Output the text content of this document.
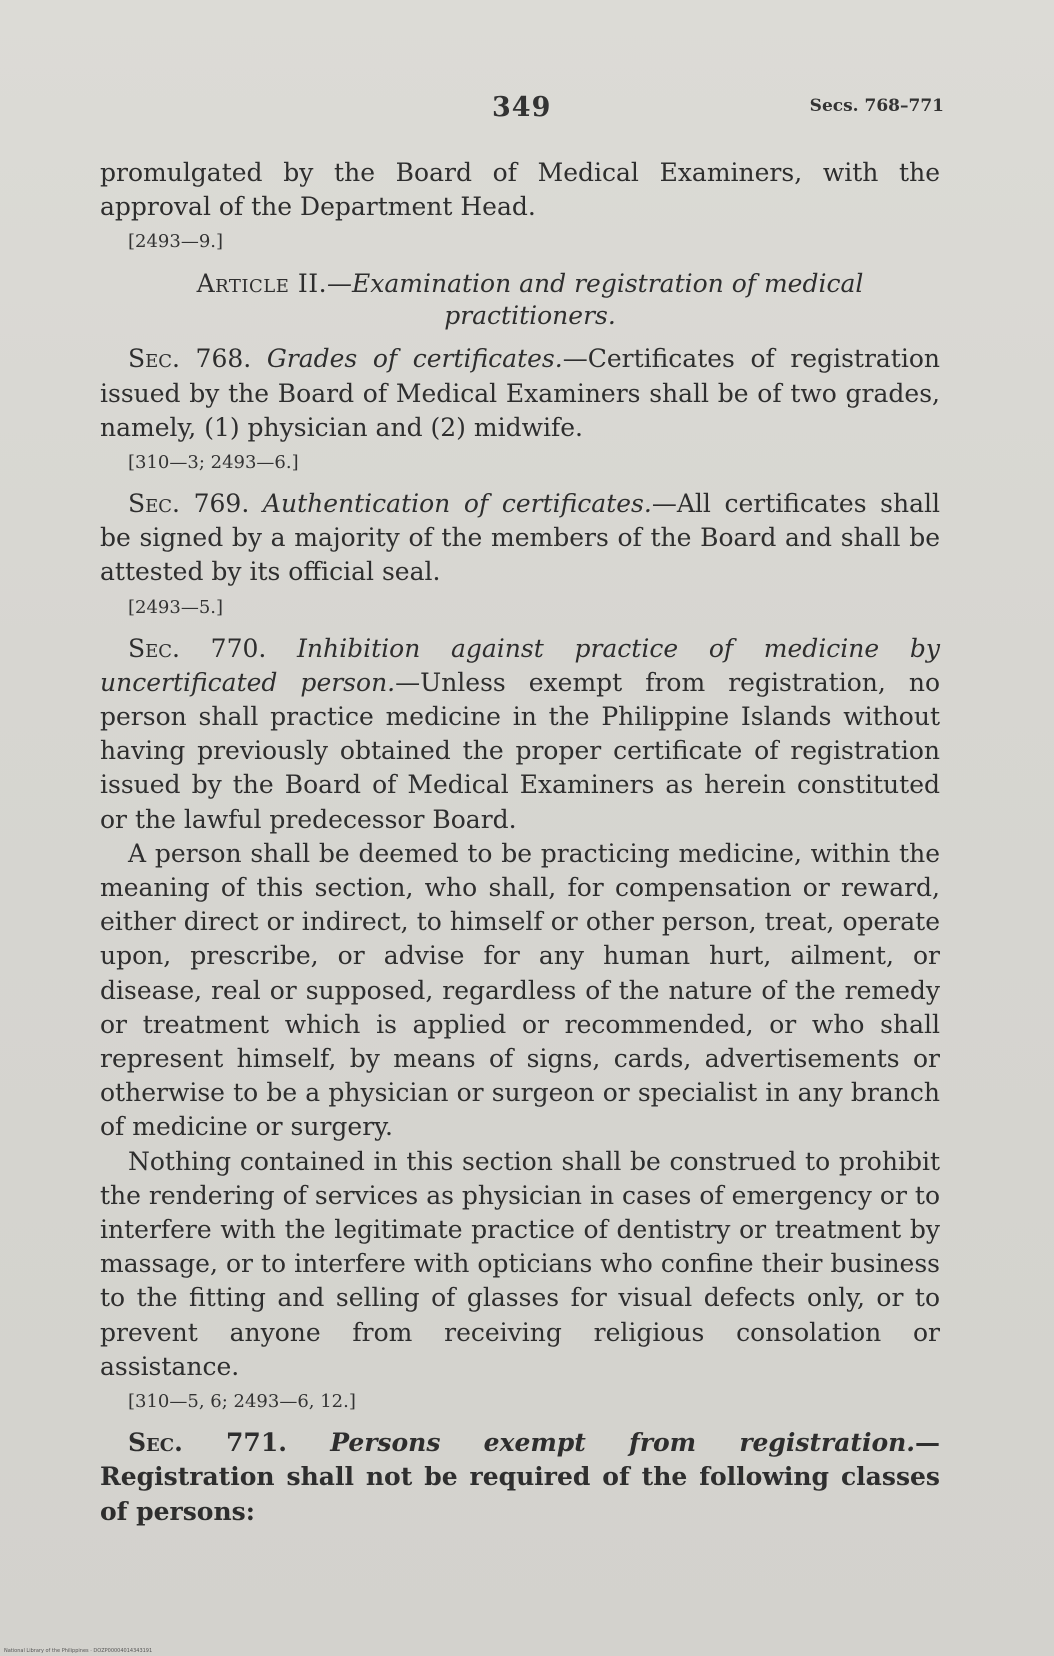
349	Secs. 768–771

promulgated by the Board of Medical Examiners, with the approval of the Department Head.

[2493—9.]

Article II.—Examination and registration of medical practitioners.

Sec. 768. Grades of certificates.—Certificates of registration issued by the Board of Medical Examiners shall be of two grades, namely, (1) physician and (2) midwife.

[310—3; 2493—6.]

Sec. 769. Authentication of certificates.—All certificates shall be signed by a majority of the members of the Board and shall be attested by its official seal.

[2493—5.]

Sec. 770. Inhibition against practice of medicine by uncertificated person.—Unless exempt from registration, no person shall practice medicine in the Philippine Islands without having previously obtained the proper certificate of registration issued by the Board of Medical Examiners as herein constituted or the lawful predecessor Board.

A person shall be deemed to be practicing medicine, within the meaning of this section, who shall, for compensation or reward, either direct or indirect, to himself or other person, treat, operate upon, prescribe, or advise for any human hurt, ailment, or disease, real or supposed, regardless of the nature of the remedy or treatment which is applied or recommended, or who shall represent himself, by means of signs, cards, advertisements or otherwise to be a physician or surgeon or specialist in any branch of medicine or surgery.

Nothing contained in this section shall be construed to prohibit the rendering of services as physician in cases of emergency or to interfere with the legitimate practice of dentistry or treatment by massage, or to interfere with opticians who confine their business to the fitting and selling of glasses for visual defects only, or to prevent anyone from receiving religious consolation or assistance.

[310—5, 6; 2493—6, 12.]

Sec. 771. Persons exempt from registration.—Registration shall not be required of the following classes of persons:

National Library of the Philippines · DOZP00004014343191
